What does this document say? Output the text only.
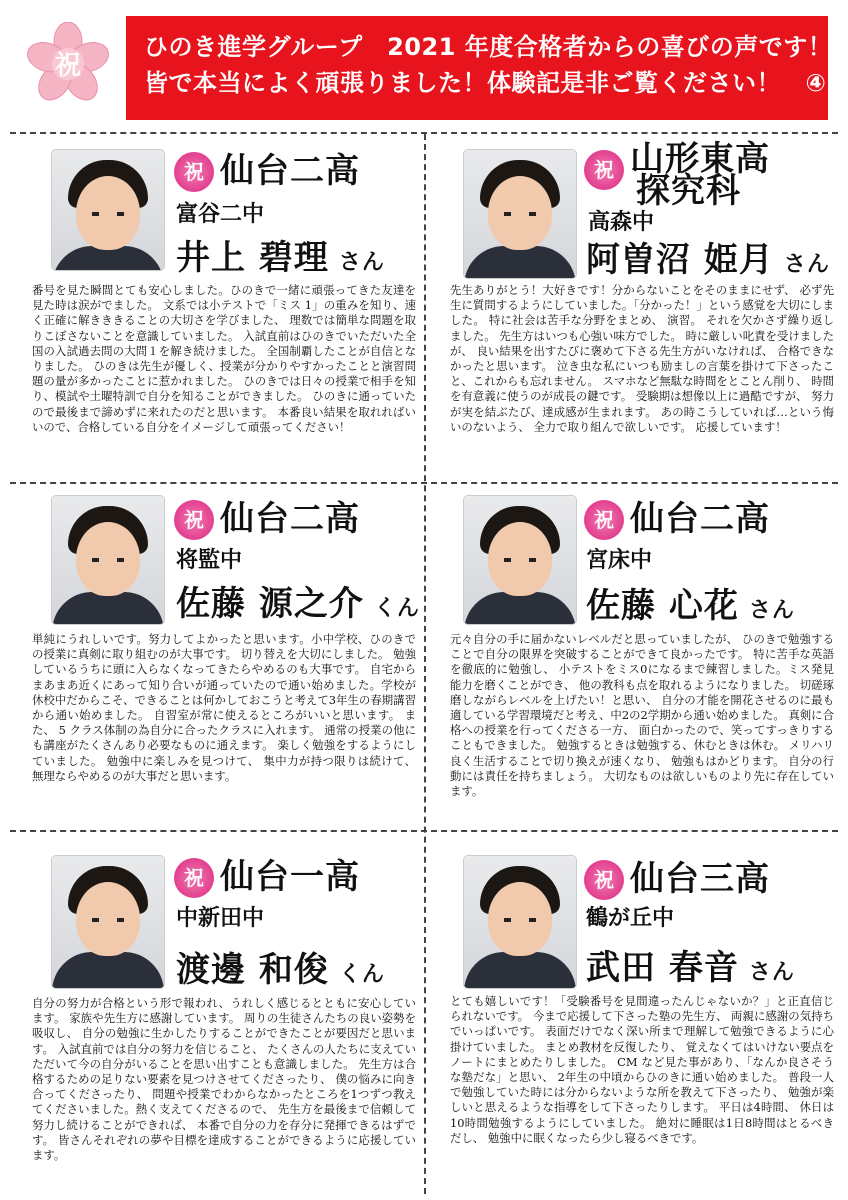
祝
ひのき進学グループ　2021 年度合格者からの喜びの声です！
皆で本当によく頑張りました！体験記是非ご覧ください！　④
祝 仙台二高
富谷二中
井上 碧理 さん
番号を見た瞬間とても安心しました。ひのきで一緒に頑張ってきた友達を見た時は涙がでました。 文系では小テストで「ミス 1」の重みを知り、速く正確に解きききることの大切さを学びました、 理数では簡単な問題を取りこぼさないことを意識していました。 入試直前はひのきでいただいた全国の入試過去問の大問１を解き続けました。 全国制覇したことが自信となりました。 ひのきは先生が優しく、授業が分かりやすかったことと演習問題の量が多かったことに惹かれました。 ひのきでは日々の授業で相手を知り、模試や土曜特訓で自分を知ることができました。 ひのきに通っていたので最後まで諦めずに来れたのだと思います。 本番良い結果を取れればいいので、合格している自分をイメージして頑張ってください！
祝 山形東高
探究科
高森中
阿曽沼 姫月 さん
先生ありがとう！大好きです！分からないことをそのままにせず、 必ず先生に質問するようにしていました。「分かった！」という感覚を大切にしました。 特に社会は苦手な分野をまとめ、 演習。 それを欠かさず繰り返しました。 先生方はいつも心強い味方でした。 時に厳しい叱責を受けましたが、 良い結果を出すたびに褒めて下さる先生方がいなければ、 合格できなかったと思います。 泣き虫な私にいつも励ましの言葉を掛けて下さったこと、これからも忘れません。 スマホなど無駄な時間をとことん削り、 時間を有意義に使うのが成長の鍵です。 受験期は想像以上に過酷ですが、 努力が実を結ぶたび、達成感が生まれます。 あの時こうしていれば…という悔いのないよう、 全力で取り組んで欲しいです。 応援しています！
祝 仙台二高
将監中
佐藤 源之介 くん
単純にうれしいです。努力してよかったと思います。小中学校、ひのきでの授業に真剣に取り組むのが大事です。 切り替えを大切にしました。 勉強しているうちに頭に入らなくなってきたらやめるのも大事です。 自宅からまあまあ近くにあって知り合いが通っていたので通い始めました。学校が休校中だからこそ、できることは何かしておこうと考えて3年生の春期講習から通い始めました。 自習室が常に使えるところがいいと思います。 また、 5 クラス体制の為自分に合ったクラスに入れます。 通常の授業の他にも講座がたくさんあり必要なものに通えます。 楽しく勉強をするようにしていました。 勉強中に楽しみを見つけて、 集中力が持つ限りは続けて、 無理ならやめるのが大事だと思います。
祝 仙台二高
宮床中
佐藤 心花 さん
元々自分の手に届かないレベルだと思っていましたが、 ひのきで勉強することで自分の限界を突破することができて良かったです。 特に苦手な英語を徹底的に勉強し、 小テストをミス0になるまで練習しました。ミス発見能力を磨くことができ、 他の教科も点を取れるようになりました。 切磋琢磨しながらレベルを上げたい！と思い、 自分の才能を開花させるのに最も適している学習環境だと考え、中2の2学期から通い始めました。 真剣に合格への授業を行ってくださる一方、 面白かったので、笑ってすっきりすることもできました。 勉強するときは勉強する、休むときは休む。 メリハリ良く生活することで切り換えが速くなり、 勉強もはかどります。 自分の行動には責任を持ちましょう。 大切なものは欲しいものより先に存在しています。
祝 仙台一高
中新田中
渡邊 和俊 くん
自分の努力が合格という形で報われ、うれしく感じるとともに安心しています。 家族や先生方に感謝しています。 周りの生徒さんたちの良い姿勢を吸収し、 自分の勉強に生かしたりすることができたことが要因だと思います。 入試直前では自分の努力を信じること、 たくさんの人たちに支えていただいて今の自分がいることを思い出すことも意識しました。 先生方は合格するための足りない要素を見つけさせてくださったり、 僕の悩みに向き合ってくださったり、 問題や授業でわからなかったところを1つずつ教えてくださいました。熱く支えてくださるので、 先生方を最後まで信頼して努力し続けることができれば、 本番で自分の力を存分に発揮できるはずです。 皆さんそれぞれの夢や目標を達成することができるように応援しています。
祝 仙台三高
鶴が丘中
武田 春音 さん
とても嬉しいです！「受験番号を見間違ったんじゃないか？」と正直信じられないです。 今まで応援して下さった塾の先生方、 両親に感謝の気持ちでいっぱいです。 表面だけでなく深い所まで理解して勉強できるように心掛けていました。 まとめ教材を反復したり、 覚えなくてはいけない要点をノートにまとめたりしました。 CM など見た事があり、「なんか良さそうな塾だな」と思い、 2年生の中頃からひのきに通い始めました。 普段一人で勉強していた時には分からないような所を教えて下さったり、 勉強が楽しいと思えるような指導をして下さったりします。 平日は4時間、 休日は10時間勉強するようにしていました。 絶対に睡眠は1日8時間はとるべきだし、 勉強中に眠くなったら少し寝るべきです。
